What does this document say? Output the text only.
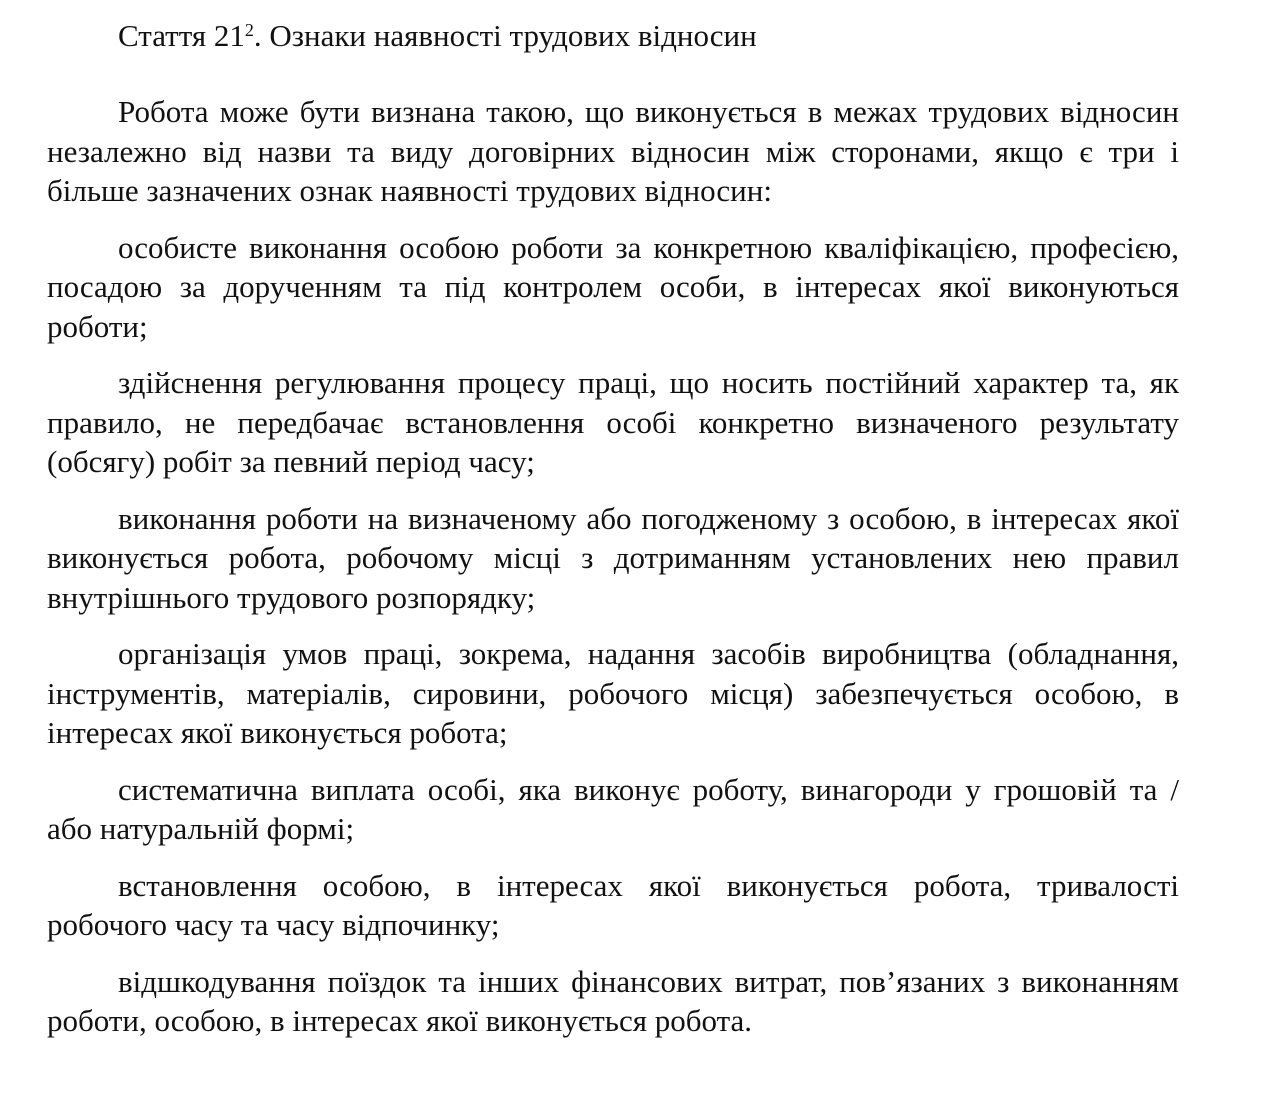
Стаття $21^2$. Ознаки наявності трудових відносин

Робота може бути визнана такою, що виконується в межах трудових відносин незалежно від назви та виду договірних відносин між сторонами, якщо є три і більше зазначених ознак наявності трудових відносин:

особисте виконання особою роботи за конкретною кваліфікацією, професією, посадою за дорученням та під контролем особи, в інтересах якої виконуються роботи;

здійснення регулювання процесу праці, що носить постійний характер та, як правило, не передбачає встановлення особі конкретно визначеного результату (обсягу) робіт за певний період часу;

виконання роботи на визначеному або погодженому з особою, в інтересах якої виконується робота, робочому місці з дотриманням установлених нею правил внутрішнього трудового розпорядку;

організація умов праці, зокрема, надання засобів виробництва (обладнання, інструментів, матеріалів, сировини, робочого місця) забезпечується особою, в інтересах якої виконується робота;

систематична виплата особі, яка виконує роботу, винагороди у грошовій та / або натуральній формі;

встановлення особою, в інтересах якої виконується робота, тривалості робочого часу та часу відпочинку;

відшкодування поїздок та інших фінансових витрат, пов’язаних з виконанням роботи, особою, в інтересах якої виконується робота.
